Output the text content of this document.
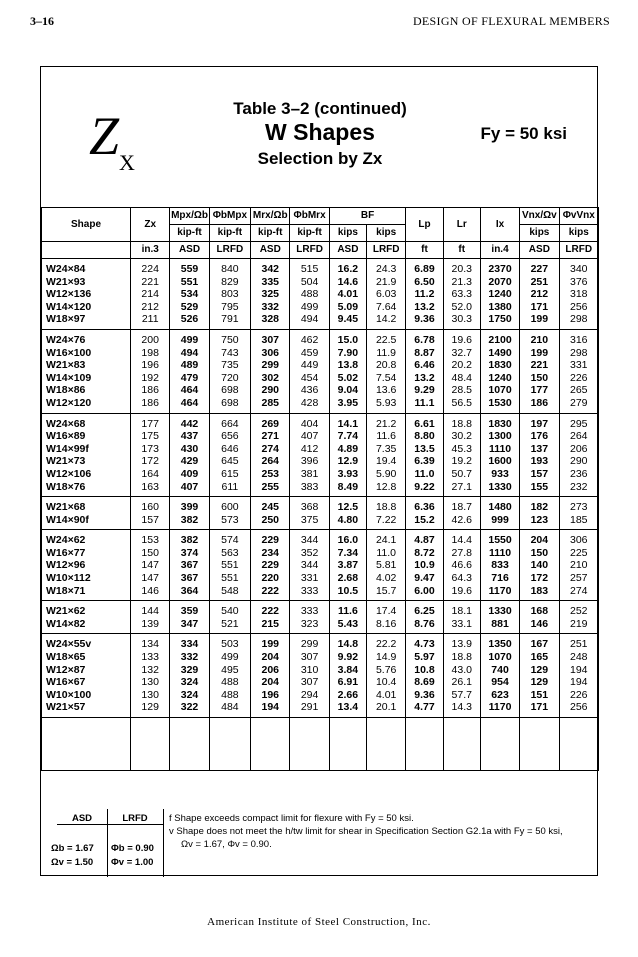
3–16	DESIGN OF FLEXURAL MEMBERS
Z X
Table 3–2 (continued)
W Shapes
Selection by Zx
Fy = 50 ksi
Shape	Zx	Mpx/Ωb	ΦbMpx	Mrx/Ωb	ΦbMrx	BF		Lp	Lr	Ix	Vnx/Ωv	ΦvVnx
		kip-ft	kip-ft	kip-ft	kip-ft	kips	kips				kips	kips
	in.3	ASD	LRFD	ASD	LRFD	ASD	LRFD	ft	ft	in.4	ASD	LRFD
W24×84	224	559	840	342	515	16.2	24.3	6.89	20.3	2370	227	340
W21×93	221	551	829	335	504	14.6	21.9	6.50	21.3	2070	251	376
W12×136	214	534	803	325	488	4.01	6.03	11.2	63.3	1240	212	318
W14×120	212	529	795	332	499	5.09	7.64	13.2	52.0	1380	171	256
W18×97	211	526	791	328	494	9.45	14.2	9.36	30.3	1750	199	298
W24×76	200	499	750	307	462	15.0	22.5	6.78	19.6	2100	210	316
W16×100	198	494	743	306	459	7.90	11.9	8.87	32.7	1490	199	298
W21×83	196	489	735	299	449	13.8	20.8	6.46	20.2	1830	221	331
W14×109	192	479	720	302	454	5.02	7.54	13.2	48.4	1240	150	226
W18×86	186	464	698	290	436	9.04	13.6	9.29	28.5	1070	177	265
W12×120	186	464	698	285	428	3.95	5.93	11.1	56.5	1530	186	279
W24×68	177	442	664	269	404	14.1	21.2	6.61	18.8	1830	197	295
W16×89	175	437	656	271	407	7.74	11.6	8.80	30.2	1300	176	264
W14×99f	173	430	646	274	412	4.89	7.35	13.5	45.3	1110	137	206
W21×73	172	429	645	264	396	12.9	19.4	6.39	19.2	1600	193	290
W12×106	164	409	615	253	381	3.93	5.90	11.0	50.7	933	157	236
W18×76	163	407	611	255	383	8.49	12.8	9.22	27.1	1330	155	232
W21×68	160	399	600	245	368	12.5	18.8	6.36	18.7	1480	182	273
W14×90f	157	382	573	250	375	4.80	7.22	15.2	42.6	999	123	185
W24×62	153	382	574	229	344	16.0	24.1	4.87	14.4	1550	204	306
W16×77	150	374	563	234	352	7.34	11.0	8.72	27.8	1110	150	225
W12×96	147	367	551	229	344	3.87	5.81	10.9	46.6	833	140	210
W10×112	147	367	551	220	331	2.68	4.02	9.47	64.3	716	172	257
W18×71	146	364	548	222	333	10.5	15.7	6.00	19.6	1170	183	274
W21×62	144	359	540	222	333	11.6	17.4	6.25	18.1	1330	168	252
W14×82	139	347	521	215	323	5.43	8.16	8.76	33.1	881	146	219
W24×55v	134	334	503	199	299	14.8	22.2	4.73	13.9	1350	167	251
W18×65	133	332	499	204	307	9.92	14.9	5.97	18.8	1070	165	248
W12×87	132	329	495	206	310	3.84	5.76	10.8	43.0	740	129	194
W16×67	130	324	488	204	307	6.91	10.4	8.69	26.1	954	129	194
W10×100	130	324	488	196	294	2.66	4.01	9.36	57.7	623	151	226
W21×57	129	322	484	194	291	13.4	20.1	4.77	14.3	1170	171	256

ASD	LRFD
Ωb = 1.67
Ωv = 1.50
Φb = 0.90
Φv = 1.00
f Shape exceeds compact limit for flexure with Fy = 50 ksi.
v Shape does not meet the h/tw limit for shear in Specification Section G2.1a with Fy = 50 ksi,
Ωv = 1.67, Φv = 0.90.
American Institute of Steel Construction, Inc.
